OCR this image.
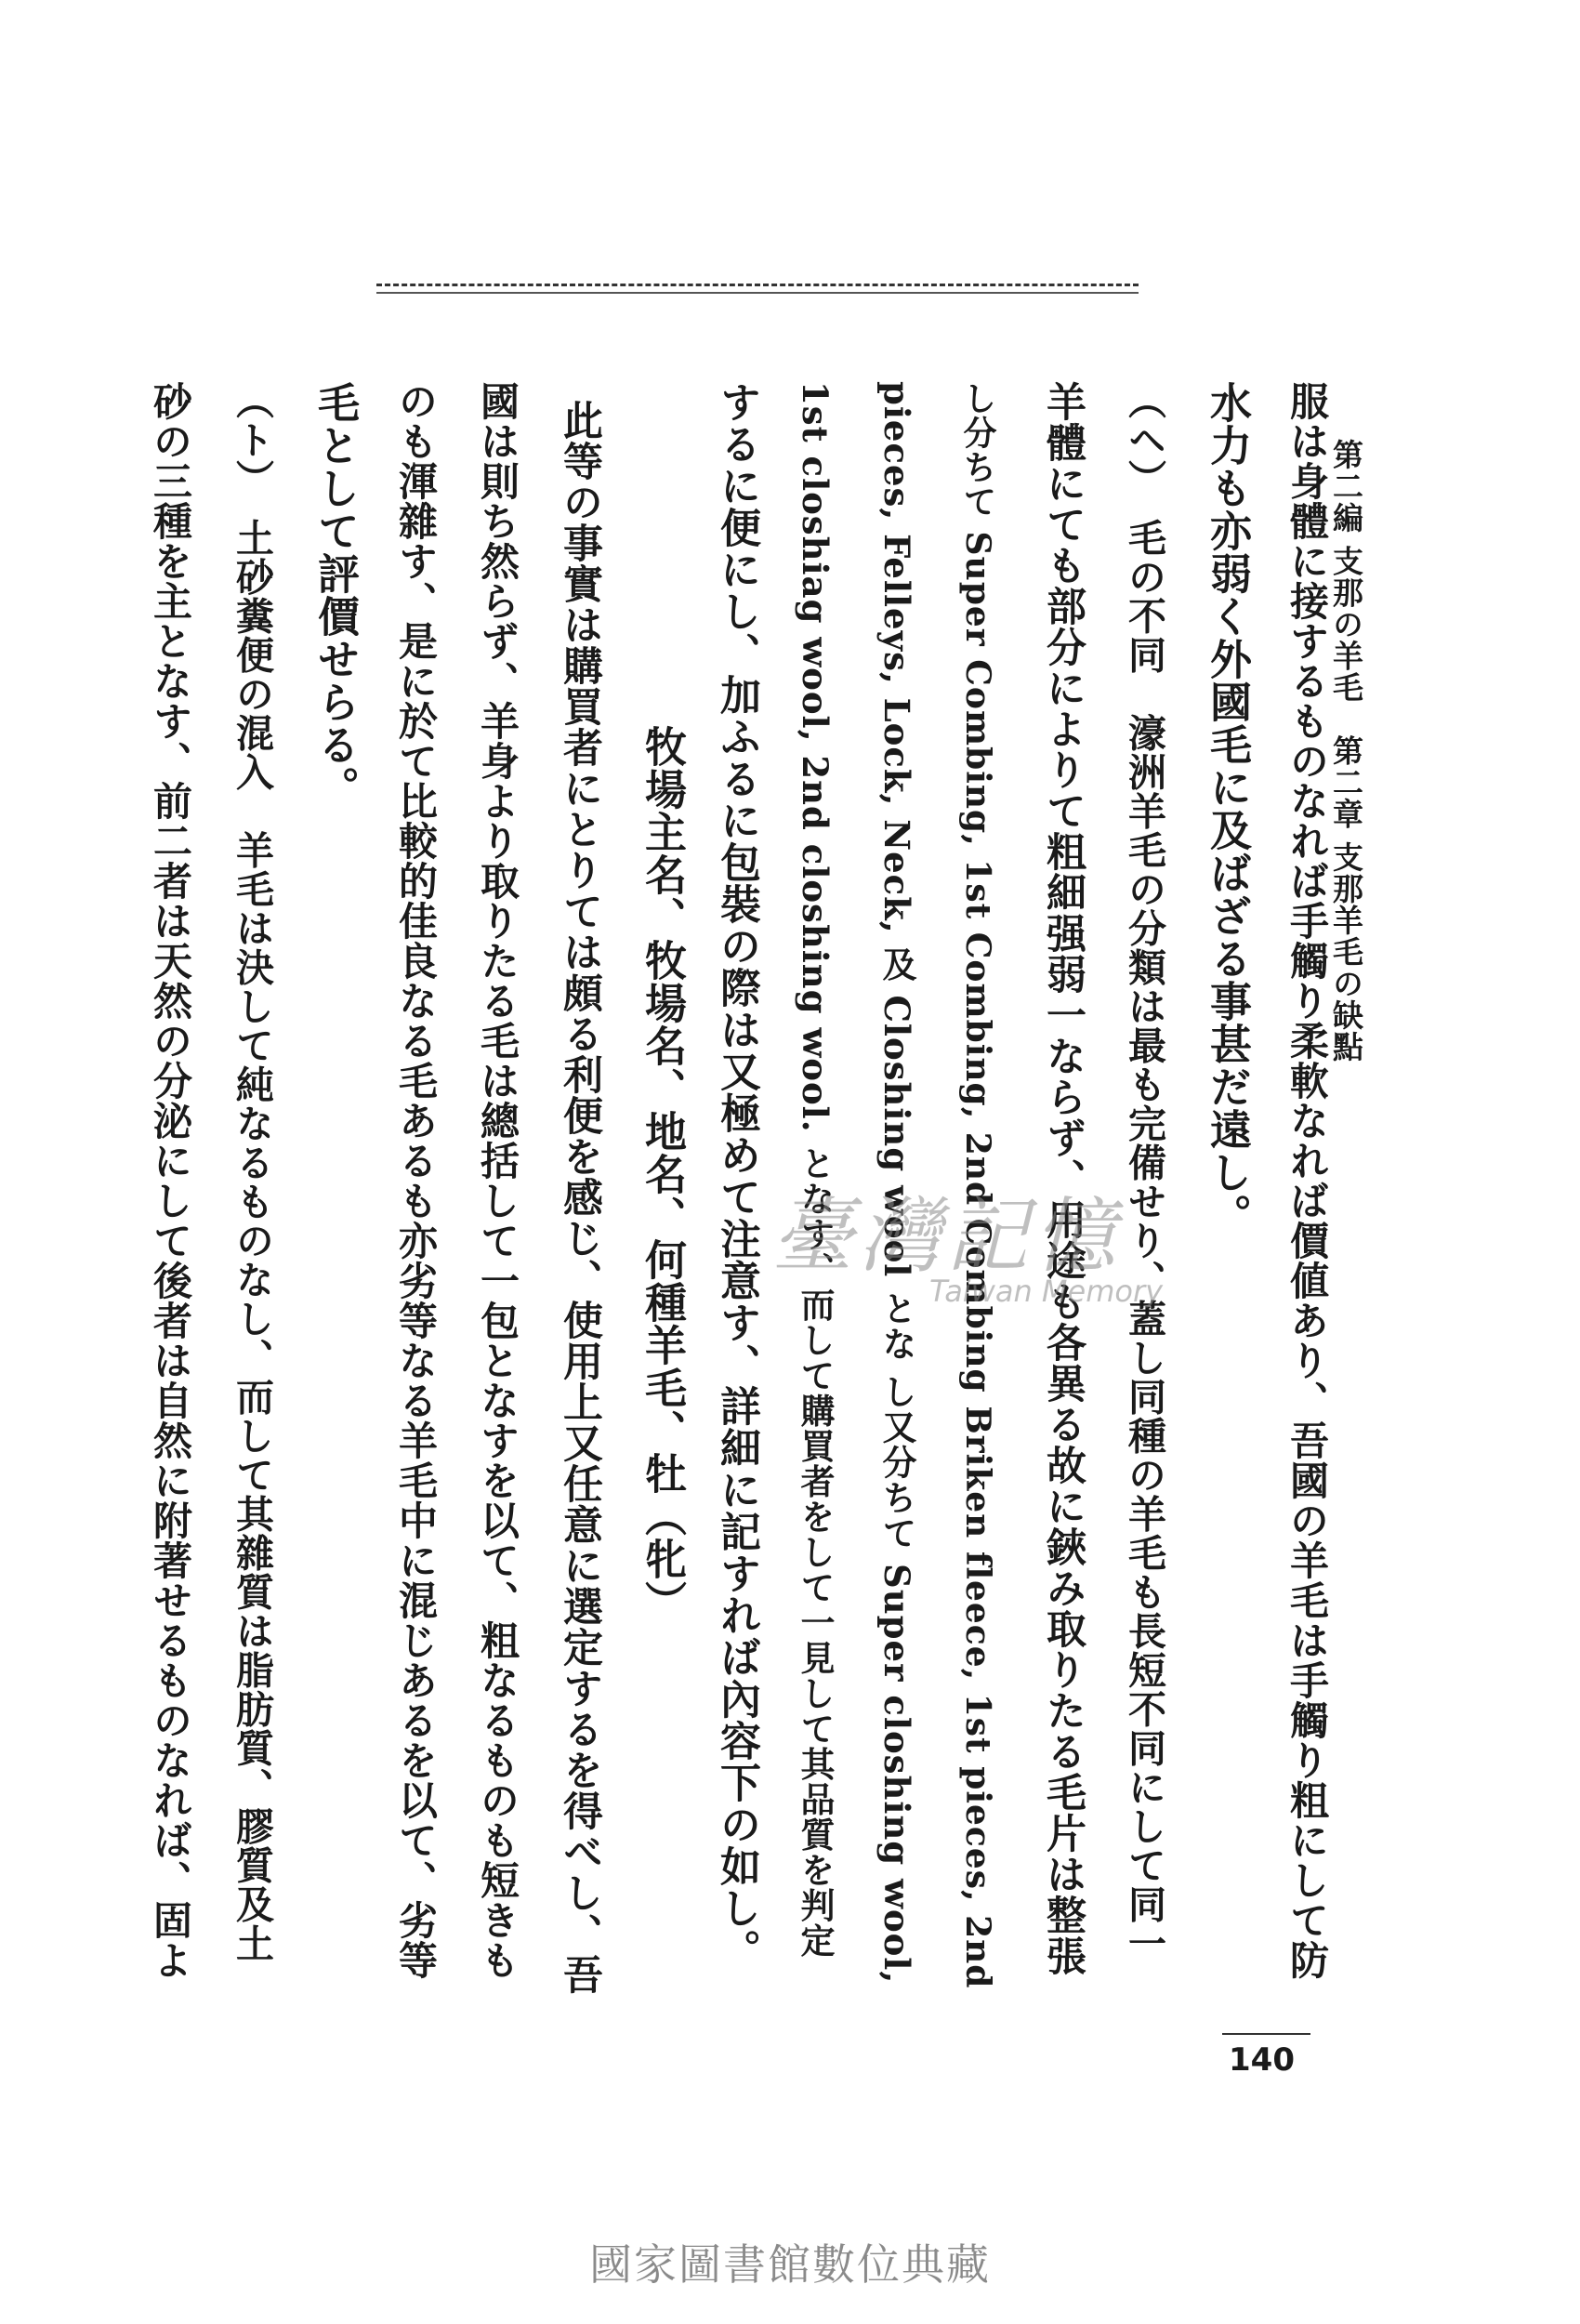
第二編 支那の羊毛　第二章 支那羊毛の缺點
服は身體に接するものなれば手觸り柔軟なれば價値あり、吾國の羊毛は手觸り粗にして防
水力も亦弱く外國毛に及ばざる事甚だ遠し。
（ヘ）　毛の不同　濠洲羊毛の分類は最も完備せり、蓋し同種の羊毛も長短不同にして同一
羊體にても部分によりて粗細强弱一ならず、用途も各異る故に鋏み取りたる毛片は整張
し分ちて Super Combing, 1st Combing, 2nd Combing Briken fleece, 1st pieces, 2nd
pieces, Felleys, Lock, Neck, 及 Closhing wool とな し又分ちて Super closhing wool,
1st closhiag wool, 2nd closhing wool. となす、而して購買者をして一見して其品質を判定
するに便にし、加ふるに包裝の際は又極めて注意す、詳細に記すれば內容下の如し。
牧場主名、牧場名、地名、何種羊毛、牡（牝）
此等の事實は購買者にとりては頗る利便を感じ、使用上又任意に選定するを得べし、吾
國は則ち然らず、羊身より取りたる毛は總括して一包となすを以て、粗なるものも短きも
のも渾雜す、是に於て比較的佳良なる毛あるも亦劣等なる羊毛中に混じあるを以て、劣等
毛として評價せらる。
（ト）　土砂糞便の混入　羊毛は決して純なるものなし、而して其雜質は脂肪質、膠質及土
砂の三種を主となす、前二者は天然の分泌にして後者は自然に附著せるものなれば、固よ	臺灣記憶
Taiwan Memory
140
國家圖書館數位典藏
